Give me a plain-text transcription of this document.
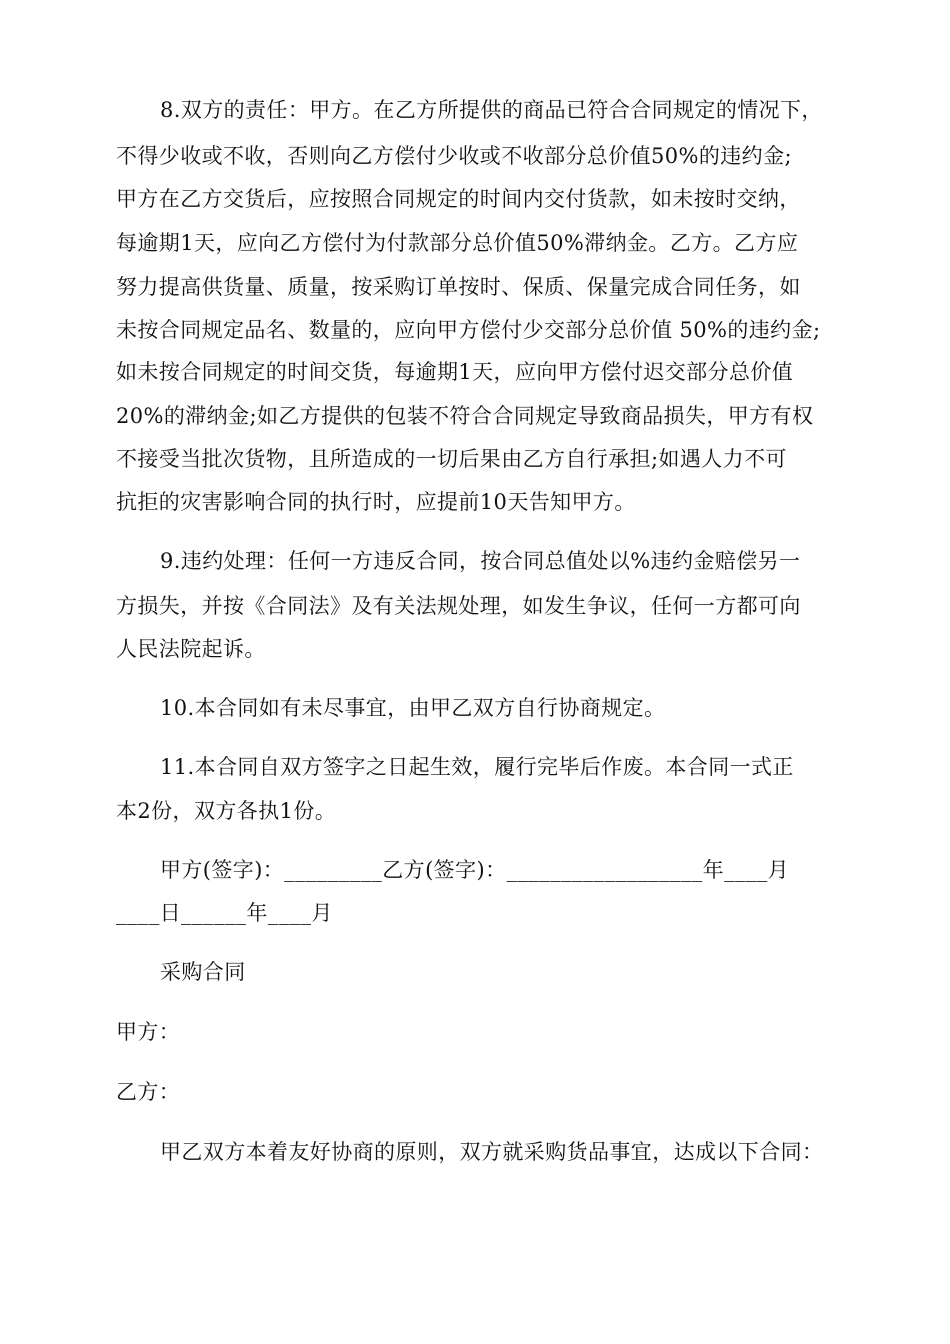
8.双方的责任：甲方。在乙方所提供的商品已符合合同规定的情况下，
不得少收或不收，否则向乙方偿付少收或不收部分总价值50%的违约金;
甲方在乙方交货后，应按照合同规定的时间内交付货款，如未按时交纳，
每逾期1天，应向乙方偿付为付款部分总价值50%滞纳金。乙方。乙方应
努力提高供货量、质量，按采购订单按时、保质、保量完成合同任务，如
未按合同规定品名、数量的，应向甲方偿付少交部分总价值 50%的违约金;
如未按合同规定的时间交货，每逾期1天，应向甲方偿付迟交部分总价值
20%的滞纳金;如乙方提供的包装不符合合同规定导致商品损失，甲方有权
不接受当批次货物，且所造成的一切后果由乙方自行承担;如遇人力不可
抗拒的灾害影响合同的执行时，应提前10天告知甲方。
9.违约处理：任何一方违反合同，按合同总值处以%违约金赔偿另一
方损失，并按《合同法》及有关法规处理，如发生争议，任何一方都可向
人民法院起诉。
10.本合同如有未尽事宜，由甲乙双方自行协商规定。
11.本合同自双方签字之日起生效，履行完毕后作废。本合同一式正
本2份，双方各执1份。
甲方(签字)：_________乙方(签字)：__________________年____月
____日______年____月
采购合同
甲方：
乙方：
甲乙双方本着友好协商的原则，双方就采购货品事宜，达成以下合同：
